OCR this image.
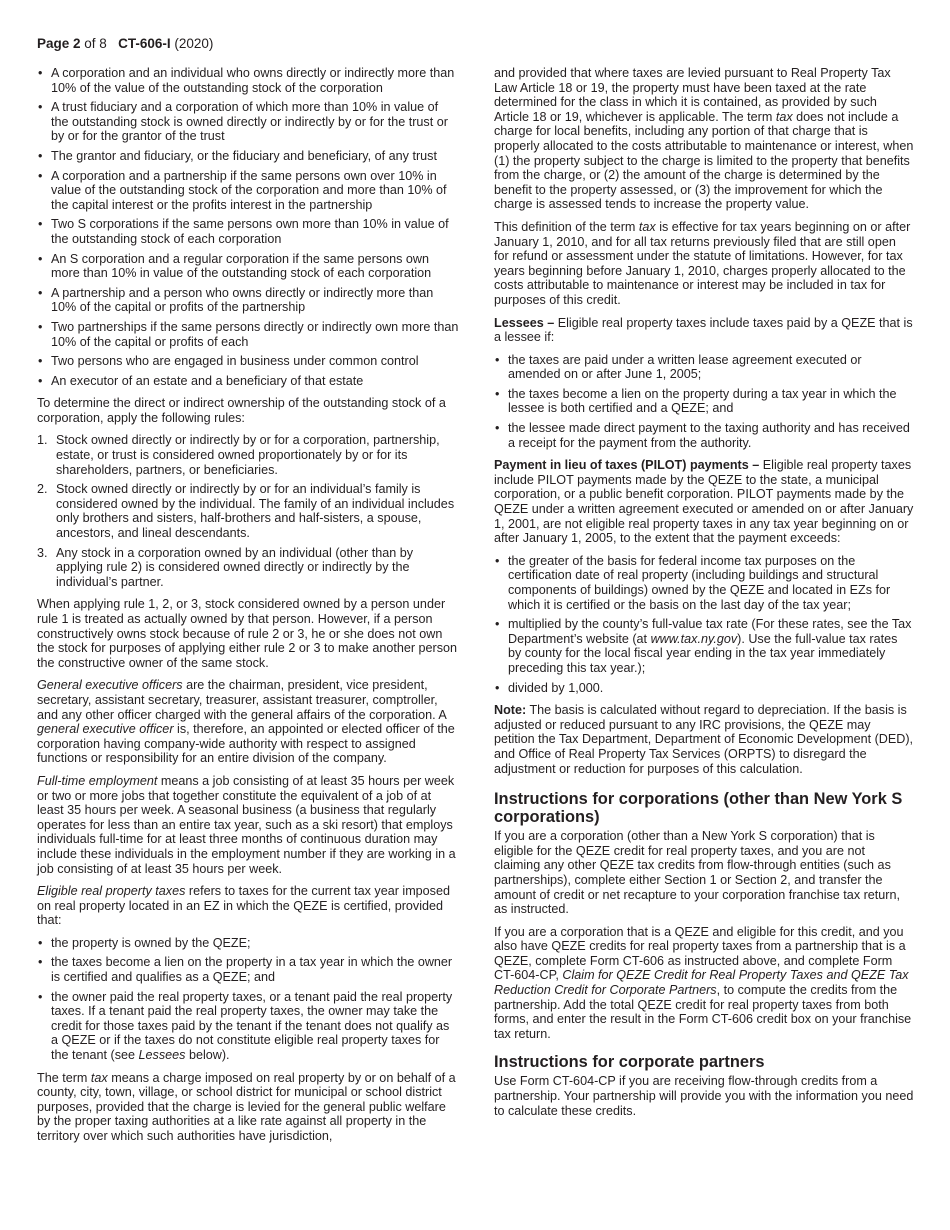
Page 2 of 8 CT-606-I (2020)
• A corporation and an individual who owns directly or indirectly more than 10% of the value of the outstanding stock of the corporation
• A trust fiduciary and a corporation of which more than 10% in value of the outstanding stock is owned directly or indirectly by or for the trust or by or for the grantor of the trust
• The grantor and fiduciary, or the fiduciary and beneficiary, of any trust
• A corporation and a partnership if the same persons own over 10% in value of the outstanding stock of the corporation and more than 10% of the capital interest or the profits interest in the partnership
• Two S corporations if the same persons own more than 10% in value of the outstanding stock of each corporation
• An S corporation and a regular corporation if the same persons own more than 10% in value of the outstanding stock of each corporation
• A partnership and a person who owns directly or indirectly more than 10% of the capital or profits of the partnership
• Two partnerships if the same persons directly or indirectly own more than 10% of the capital or profits of each
• Two persons who are engaged in business under common control
• An executor of an estate and a beneficiary of that estate

To determine the direct or indirect ownership of the outstanding stock of a corporation, apply the following rules:

1. Stock owned directly or indirectly by or for a corporation, partnership, estate, or trust is considered owned proportionately by or for its shareholders, partners, or beneficiaries.
2. Stock owned directly or indirectly by or for an individual’s family is considered owned by the individual. The family of an individual includes only brothers and sisters, half-brothers and half-sisters, a spouse, ancestors, and lineal descendants.
3. Any stock in a corporation owned by an individual (other than by applying rule 2) is considered owned directly or indirectly by the individual’s partner.

When applying rule 1, 2, or 3, stock considered owned by a person under rule 1 is treated as actually owned by that person. However, if a person constructively owns stock because of rule 2 or 3, he or she does not own the stock for purposes of applying either rule 2 or 3 to make another person the constructive owner of the same stock.

General executive officers are the chairman, president, vice president, secretary, assistant secretary, treasurer, assistant treasurer, comptroller, and any other officer charged with the general affairs of the corporation. A general executive officer is, therefore, an appointed or elected officer of the corporation having company-wide authority with respect to assigned functions or responsibility for an entire division of the company.

Full-time employment means a job consisting of at least 35 hours per week or two or more jobs that together constitute the equivalent of a job of at least 35 hours per week. A seasonal business (a business that regularly operates for less than an entire tax year, such as a ski resort) that employs individuals full-time for at least three months of continuous duration may include these individuals in the employment number if they are working in a job consisting of at least 35 hours per week.

Eligible real property taxes refers to taxes for the current tax year imposed on real property located in an EZ in which the QEZE is certified, provided that:

• the property is owned by the QEZE;
• the taxes become a lien on the property in a tax year in which the owner is certified and qualifies as a QEZE; and
• the owner paid the real property taxes, or a tenant paid the real property taxes. If a tenant paid the real property taxes, the owner may take the credit for those taxes paid by the tenant if the tenant does not qualify as a QEZE or if the taxes do not constitute eligible real property taxes for the tenant (see Lessees below).

The term tax means a charge imposed on real property by or on behalf of a county, city, town, village, or school district for municipal or school district purposes, provided that the charge is levied for the general public welfare by the proper taxing authorities at a like rate against all property in the territory over which such authorities have jurisdiction,

and provided that where taxes are levied pursuant to Real Property Tax Law Article 18 or 19, the property must have been taxed at the rate determined for the class in which it is contained, as provided by such Article 18 or 19, whichever is applicable. The term tax does not include a charge for local benefits, including any portion of that charge that is properly allocated to the costs attributable to maintenance or interest, when (1) the property subject to the charge is limited to the property that benefits from the charge, or (2) the amount of the charge is determined by the benefit to the property assessed, or (3) the improvement for which the charge is assessed tends to increase the property value.

This definition of the term tax is effective for tax years beginning on or after January 1, 2010, and for all tax returns previously filed that are still open for refund or assessment under the statute of limitations. However, for tax years beginning before January 1, 2010, charges properly allocated to the costs attributable to maintenance or interest may be included in tax for purposes of this credit.

Lessees – Eligible real property taxes include taxes paid by a QEZE that is a lessee if:

• the taxes are paid under a written lease agreement executed or amended on or after June 1, 2005;
• the taxes become a lien on the property during a tax year in which the lessee is both certified and a QEZE; and
• the lessee made direct payment to the taxing authority and has received a receipt for the payment from the authority.

Payment in lieu of taxes (PILOT) payments – Eligible real property taxes include PILOT payments made by the QEZE to the state, a municipal corporation, or a public benefit corporation. PILOT payments made by the QEZE under a written agreement executed or amended on or after January 1, 2001, are not eligible real property taxes in any tax year beginning on or after January 1, 2005, to the extent that the payment exceeds:

• the greater of the basis for federal income tax purposes on the certification date of real property (including buildings and structural components of buildings) owned by the QEZE and located in EZs for which it is certified or the basis on the last day of the tax year;
• multiplied by the county’s full-value tax rate (For these rates, see the Tax Department’s website (at www.tax.ny.gov). Use the full-value tax rates by county for the local fiscal year ending in the tax year immediately preceding this tax year.);
• divided by 1,000.

Note: The basis is calculated without regard to depreciation. If the basis is adjusted or reduced pursuant to any IRC provisions, the QEZE may petition the Tax Department, Department of Economic Development (DED), and Office of Real Property Tax Services (ORPTS) to disregard the adjustment or reduction for purposes of this calculation.

Instructions for corporations (other than New York S corporations)

If you are a corporation (other than a New York S corporation) that is eligible for the QEZE credit for real property taxes, and you are not claiming any other QEZE tax credits from flow-through entities (such as partnerships), complete either Section 1 or Section 2, and transfer the amount of credit or net recapture to your corporation franchise tax return, as instructed.

If you are a corporation that is a QEZE and eligible for this credit, and you also have QEZE credits for real property taxes from a partnership that is a QEZE, complete Form CT-606 as instructed above, and complete Form CT-604-CP, Claim for QEZE Credit for Real Property Taxes and QEZE Tax Reduction Credit for Corporate Partners, to compute the credits from the partnership. Add the total QEZE credit for real property taxes from both forms, and enter the result in the Form CT-606 credit box on your franchise tax return.

Instructions for corporate partners

Use Form CT-604-CP if you are receiving flow-through credits from a partnership. Your partnership will provide you with the information you need to calculate these credits.
